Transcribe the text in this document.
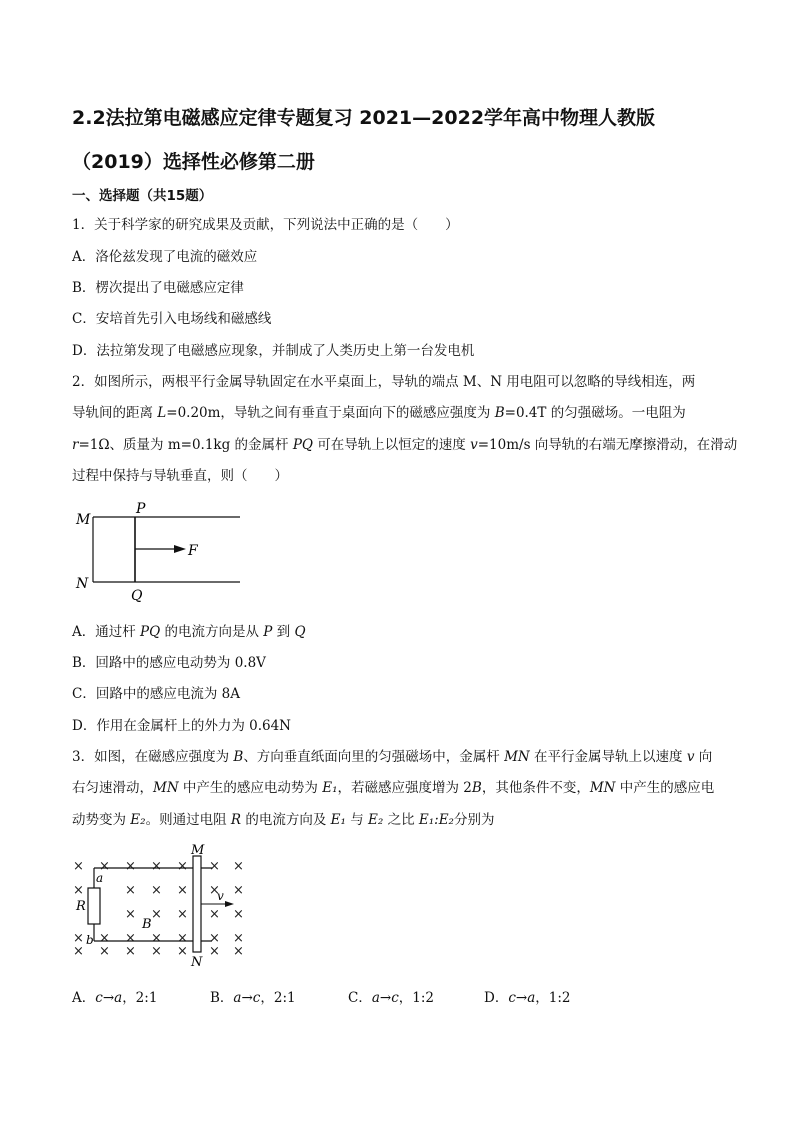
2.2法拉第电磁感应定律专题复习 2021—2022学年高中物理人教版
（2019）选择性必修第二册
一、选择题（共15题）
1．关于科学家的研究成果及贡献，下列说法中正确的是（　　）
A．洛伦兹发现了电流的磁效应
B．楞次提出了电磁感应定律
C．安培首先引入电场线和磁感线
D．法拉第发现了电磁感应现象，并制成了人类历史上第一台发电机
2．如图所示，两根平行金属导轨固定在水平桌面上，导轨的端点 M、N 用电阻可以忽略的导线相连，两
导轨间的距离 L=0.20m，导轨之间有垂直于桌面向下的磁感应强度为 B=0.4T 的匀强磁场。一电阻为
r=1Ω、质量为 m=0.1kg 的金属杆 PQ 可在导轨上以恒定的速度 v=10m/s 向导轨的右端无摩擦滑动，在滑动
过程中保持与导轨垂直，则（　　）
M
N
P
Q
F
A．通过杆 PQ 的电流方向是从 P 到 Q
B．回路中的感应电动势为 0.8V
C．回路中的感应电流为 8A
D．作用在金属杆上的外力为 0.64N
3．如图，在磁感应强度为 B、方向垂直纸面向里的匀强磁场中，金属杆 MN 在平行金属导轨上以速度 v 向
右匀速滑动，MN 中产生的感应电动势为 E₁，若磁感应强度增为 2B，其他条件不变，MN 中产生的感应电
动势变为 E₂。则通过电阻 R 的电流方向及 E₁ 与 E₂ 之比 E₁:E₂分别为
× × × × × × ×
×	× × × × ×
× × × × ×
× × × × × × ×
× × × × × × ×
v
M
N
a
b
R
B
A．c→a，2:1	B．a→c，2:1	C．a→c，1:2	D．c→a，1:2
